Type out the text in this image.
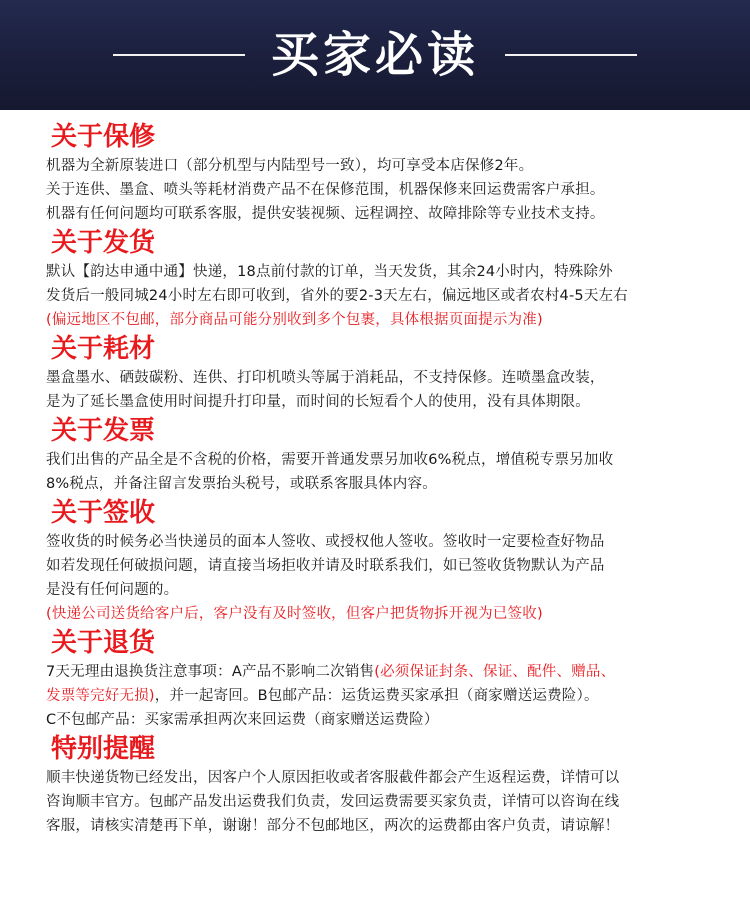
买家必读
关于保修
机器为全新原装进口（部分机型与内陆型号一致），均可享受本店保修2年。
关于连供、墨盒、喷头等耗材消费产品不在保修范围，机器保修来回运费需客户承担。
机器有任何问题均可联系客服，提供安装视频、远程调控、故障排除等专业技术支持。
关于发货
默认【韵达申通中通】快递，18点前付款的订单，当天发货，其余24小时内，特殊除外
发货后一般同城24小时左右即可收到，省外的要2-3天左右，偏远地区或者农村4-5天左右
(偏远地区不包邮，部分商品可能分别收到多个包裹，具体根据页面提示为准)
关于耗材
墨盒墨水、硒鼓碳粉、连供、打印机喷头等属于消耗品，不支持保修。连喷墨盒改装，
是为了延长墨盒使用时间提升打印量，而时间的长短看个人的使用，没有具体期限。
关于发票
我们出售的产品全是不含税的价格，需要开普通发票另加收6%税点，增值税专票另加收
8%税点，并备注留言发票抬头税号，或联系客服具体内容。
关于签收
签收货的时候务必当快递员的面本人签收、或授权他人签收。签收时一定要检查好物品
如若发现任何破损问题，请直接当场拒收并请及时联系我们，如已签收货物默认为产品
是没有任何问题的。
(快递公司送货给客户后，客户没有及时签收，但客户把货物拆开视为已签收)
关于退货
7天无理由退换货注意事项：A产品不影响二次销售(必须保证封条、保证、配件、赠品、
发票等完好无损)，并一起寄回。B包邮产品：运货运费买家承担（商家赠送运费险）。
C不包邮产品：买家需承担两次来回运费（商家赠送运费险）
特别提醒
顺丰快递货物已经发出，因客户个人原因拒收或者客服截件都会产生返程运费，详情可以
咨询顺丰官方。包邮产品发出运费我们负责，发回运费需要买家负责，详情可以咨询在线
客服，请核实清楚再下单，谢谢！部分不包邮地区，两次的运费都由客户负责，请谅解！
